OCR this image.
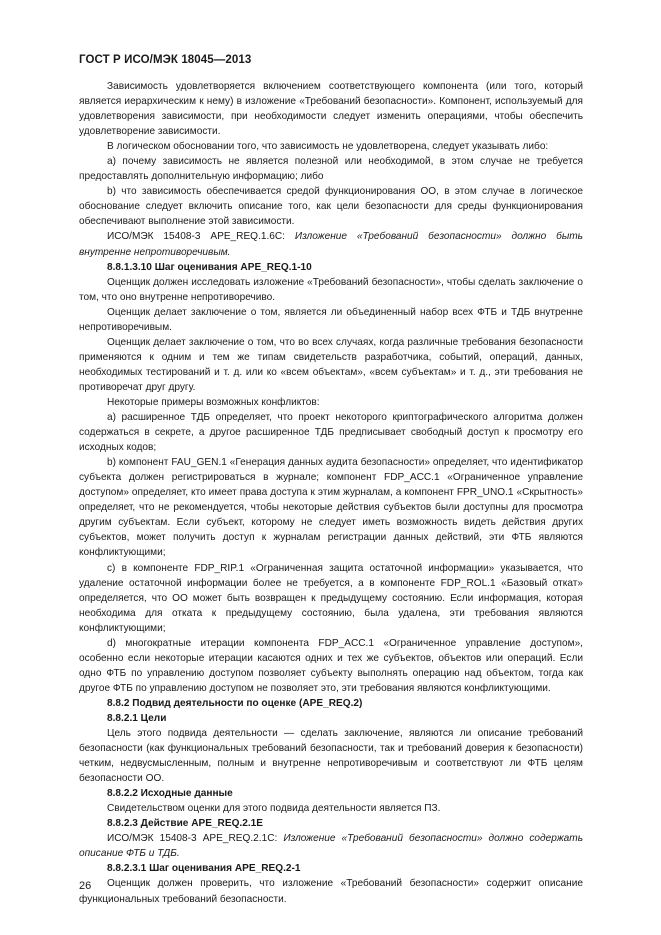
ГОСТ Р ИСО/МЭК 18045—2013

Зависимость удовлетворяется включением соответствующего компонента (или того, который является иерархическим к нему) в изложение «Требований безопасности». Компонент, используемый для удовлетворения зависимости, при необходимости следует изменить операциями, чтобы обеспечить удовлетворение зависимости.

В логическом обосновании того, что зависимость не удовлетворена, следует указывать либо:

а) почему зависимость не является полезной или необходимой, в этом случае не требуется предоставлять дополнительную информацию; либо

b) что зависимость обеспечивается средой функционирования ОО, в этом случае в логическое обоснование следует включить описание того, как цели безопасности для среды функционирования обеспечивают выполнение этой зависимости.

ИСО/МЭК 15408-3 APE_REQ.1.6C: Изложение «Требований безопасности» должно быть внутренне непротиворечивым.

8.8.1.3.10 Шаг оценивания APE_REQ.1-10

Оценщик должен исследовать изложение «Требований безопасности», чтобы сделать заключение о том, что оно внутренне непротиворечиво.

Оценщик делает заключение о том, является ли объединенный набор всех ФТБ и ТДБ внутренне непротиворечивым.

Оценщик делает заключение о том, что во всех случаях, когда различные требования безопасности применяются к одним и тем же типам свидетельств разработчика, событий, операций, данных, необходимых тестирований и т. д. или ко «всем объектам», «всем субъектам» и т. д., эти требования не противоречат друг другу.

Некоторые примеры возможных конфликтов:

а) расширенное ТДБ определяет, что проект некоторого криптографического алгоритма должен содержаться в секрете, а другое расширенное ТДБ предписывает свободный доступ к просмотру его исходных кодов;

b) компонент FAU_GEN.1 «Генерация данных аудита безопасности» определяет, что идентификатор субъекта должен регистрироваться в журнале; компонент FDP_ACC.1 «Ограниченное управление доступом» определяет, кто имеет права доступа к этим журналам, а компонент FPR_UNO.1 «Скрытность» определяет, что не рекомендуется, чтобы некоторые действия субъектов были доступны для просмотра другим субъектам. Если субъект, которому не следует иметь возможность видеть действия других субъектов, может получить доступ к журналам регистрации данных действий, эти ФТБ являются конфликтующими;

с) в компоненте FDP_RIP.1 «Ограниченная защита остаточной информации» указывается, что удаление остаточной информации более не требуется, а в компоненте FDP_ROL.1 «Базовый откат» определяется, что ОО может быть возвращен к предыдущему состоянию. Если информация, которая необходима для отката к предыдущему состоянию, была удалена, эти требования являются конфликтующими;

d) многократные итерации компонента FDP_ACC.1 «Ограниченное управление доступом», особенно если некоторые итерации касаются одних и тех же субъектов, объектов или операций. Если одно ФТБ по управлению доступом позволяет субъекту выполнять операцию над объектом, тогда как другое ФТБ по управлению доступом не позволяет это, эти требования являются конфликтующими.

8.8.2 Подвид деятельности по оценке (APE_REQ.2)

8.8.2.1 Цели

Цель этого подвида деятельности — сделать заключение, являются ли описание требований безопасности (как функциональных требований безопасности, так и требований доверия к безопасности) четким, недвусмысленным, полным и внутренне непротиворечивым и соответствуют ли ФТБ целям безопасности ОО.

8.8.2.2 Исходные данные

Свидетельством оценки для этого подвида деятельности является ПЗ.

8.8.2.3 Действие APE_REQ.2.1E

ИСО/МЭК 15408-3 APE_REQ.2.1C: Изложение «Требований безопасности» должно содержать описание ФТБ и ТДБ.

8.8.2.3.1 Шаг оценивания APE_REQ.2-1

Оценщик должен проверить, что изложение «Требований безопасности» содержит описание функциональных требований безопасности.

26
